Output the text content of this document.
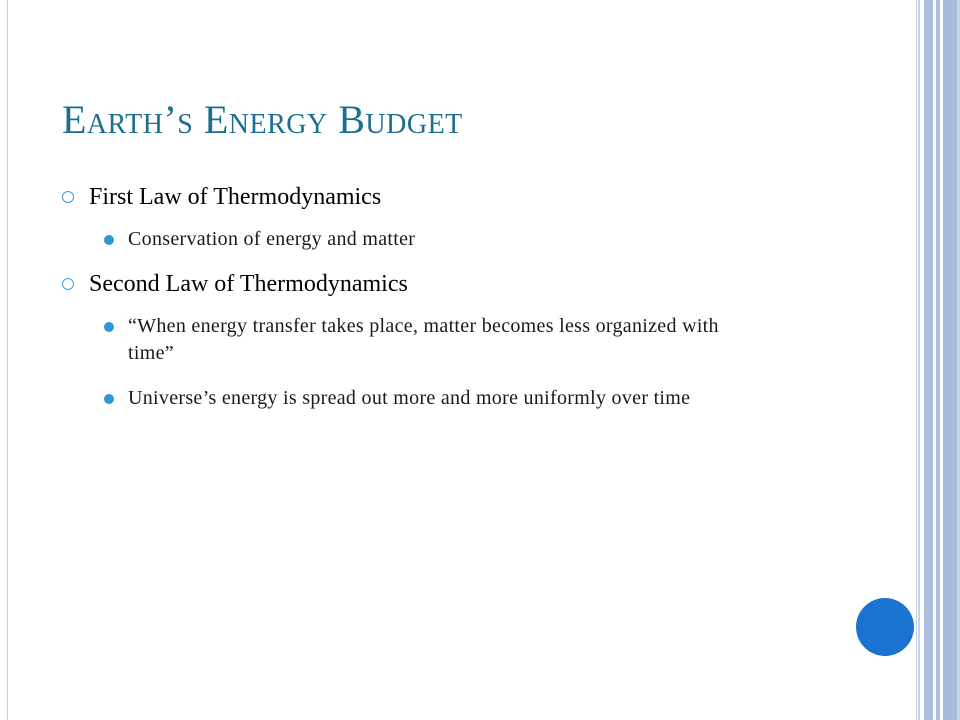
Earth’s Energy Budget
First Law of Thermodynamics
Conservation of energy and matter
Second Law of Thermodynamics
“When energy transfer takes place, matter becomes less organized with time”
Universe’s energy is spread out more and more uniformly over time
